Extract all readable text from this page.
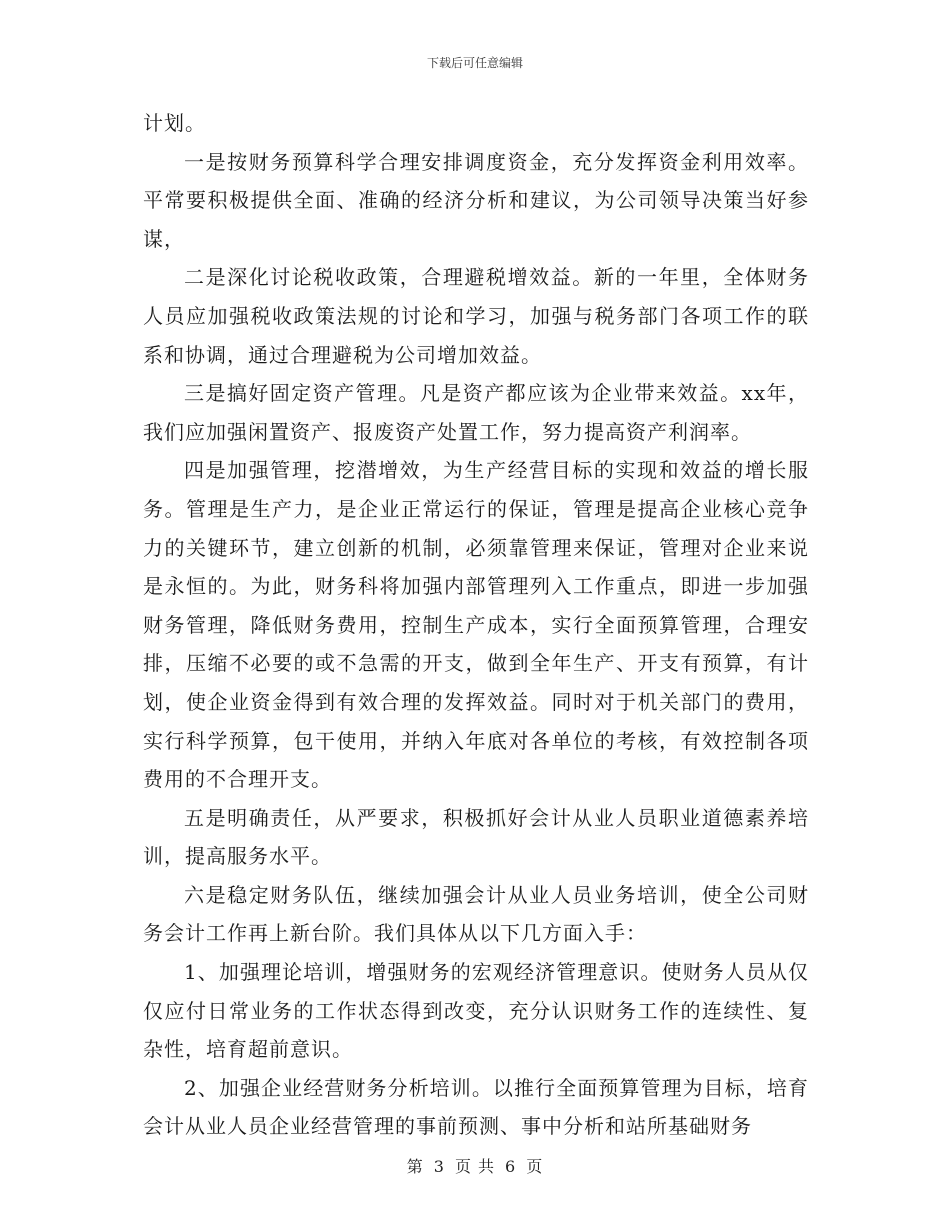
下载后可任意编辑

计划。

一是按财务预算科学合理安排调度资金，充分发挥资金利用效率。平常要积极提供全面、准确的经济分析和建议，为公司领导决策当好参谋，

二是深化讨论税收政策，合理避税增效益。新的一年里，全体财务人员应加强税收政策法规的讨论和学习，加强与税务部门各项工作的联系和协调，通过合理避税为公司增加效益。

三是搞好固定资产管理。凡是资产都应该为企业带来效益。xx年，我们应加强闲置资产、报废资产处置工作，努力提高资产利润率。

四是加强管理，挖潜增效，为生产经营目标的实现和效益的增长服务。管理是生产力，是企业正常运行的保证，管理是提高企业核心竞争力的关键环节，建立创新的机制，必须靠管理来保证，管理对企业来说是永恒的。为此，财务科将加强内部管理列入工作重点，即进一步加强财务管理，降低财务费用，控制生产成本，实行全面预算管理，合理安排，压缩不必要的或不急需的开支，做到全年生产、开支有预算，有计划，使企业资金得到有效合理的发挥效益。同时对于机关部门的费用，实行科学预算，包干使用，并纳入年底对各单位的考核，有效控制各项费用的不合理开支。

五是明确责任，从严要求，积极抓好会计从业人员职业道德素养培训，提高服务水平。

六是稳定财务队伍，继续加强会计从业人员业务培训，使全公司财务会计工作再上新台阶。我们具体从以下几方面入手：

1、加强理论培训，增强财务的宏观经济管理意识。使财务人员从仅仅应付日常业务的工作状态得到改变，充分认识财务工作的连续性、复杂性，培育超前意识。

2、加强企业经营财务分析培训。以推行全面预算管理为目标，培育会计从业人员企业经营管理的事前预测、事中分析和站所基础财务

第 3 页 共 6 页
